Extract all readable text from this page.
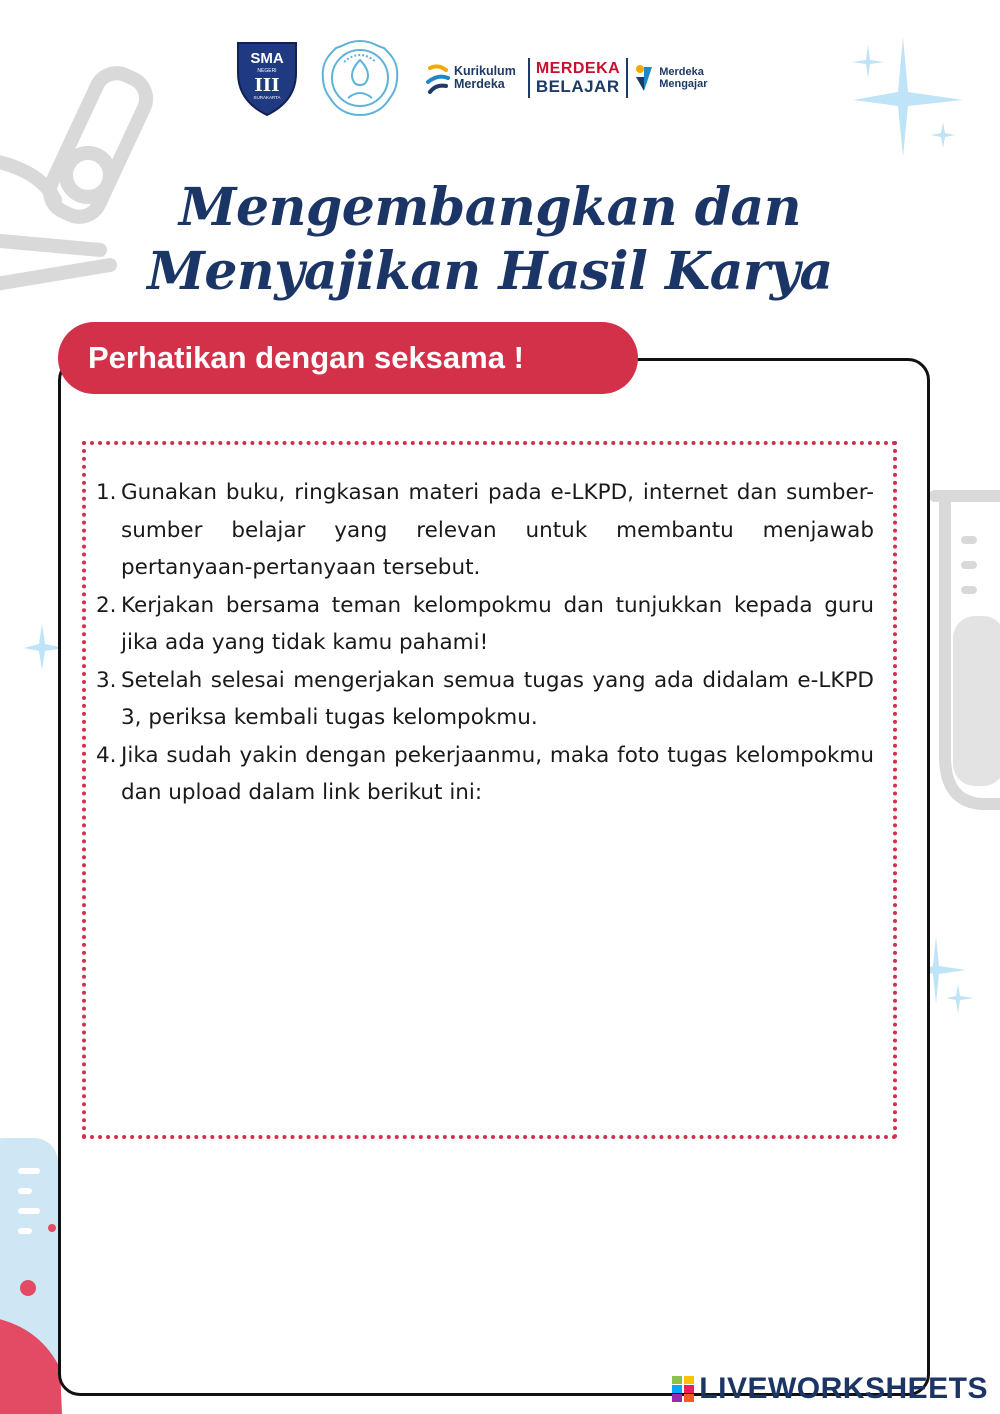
SMA
NEGERI
III
SURAKARTA
Kurikulum
Merdeka
MERDEKA
BELAJAR
Merdeka
Mengajar
Mengembangkan dan
Menyajikan Hasil Karya
Perhatikan dengan seksama !
1. Gunakan buku, ringkasan materi pada e-LKPD, internet dan sumber-sumber belajar yang relevan untuk membantu menjawab pertanyaan-pertanyaan tersebut.
2. Kerjakan bersama teman kelompokmu dan tunjukkan kepada guru jika ada yang tidak kamu pahami!
3. Setelah selesai mengerjakan semua tugas yang ada didalam e-LKPD 3, periksa kembali tugas kelompokmu.
4. Jika sudah yakin dengan pekerjaanmu, maka foto tugas kelompokmu dan upload dalam link berikut ini:
LIVEWORKSHEETS
